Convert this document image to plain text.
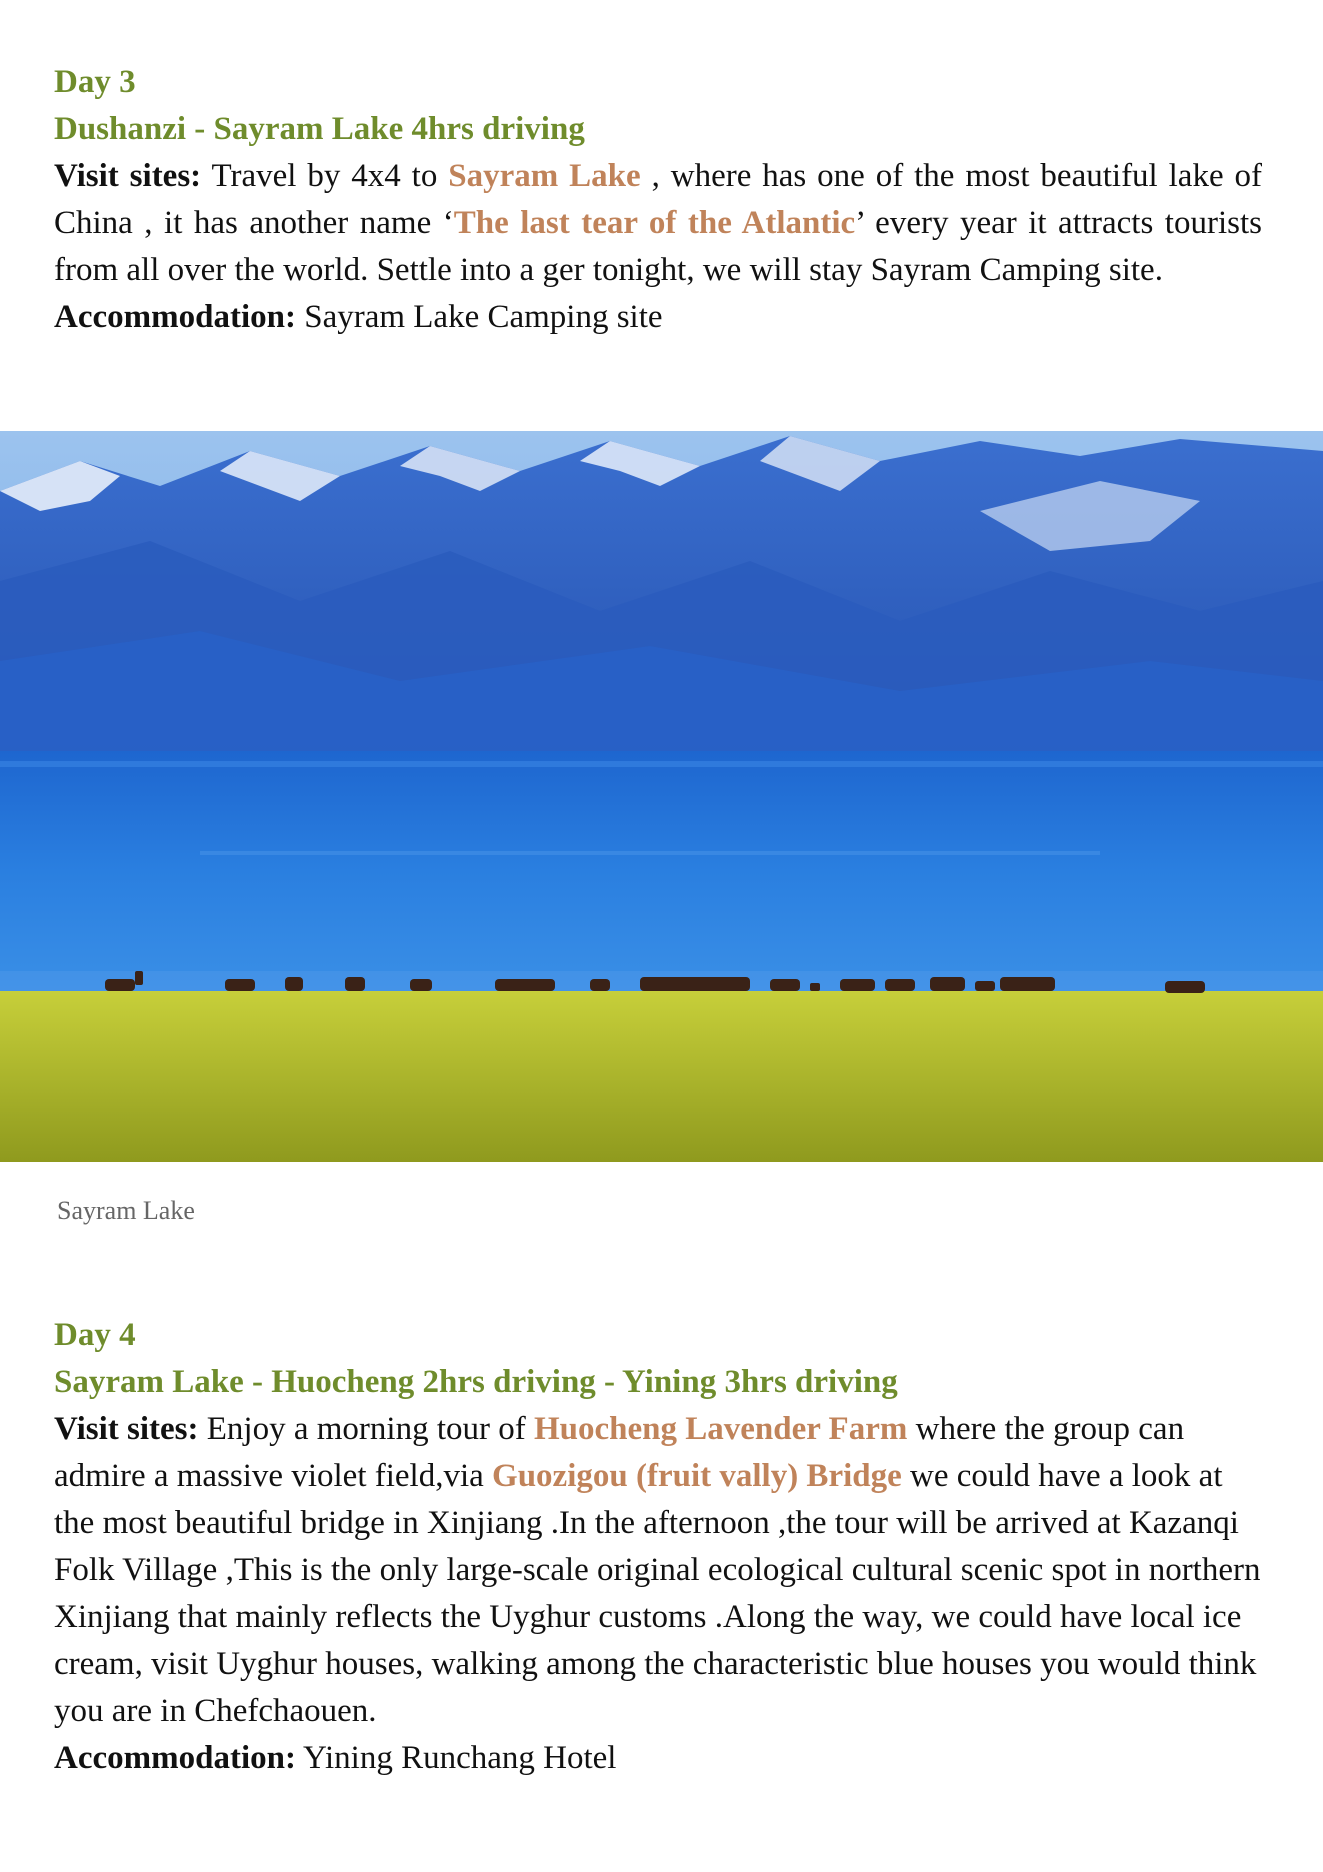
Day 3

Dushanzi - Sayram Lake 4hrs driving

Visit sites: Travel by 4x4 to Sayram Lake , where has one of the most beautiful lake of China , it has another name ‘The last tear of the Atlantic’ every year it attracts tourists from all over the world. Settle into a ger tonight, we will stay Sayram Camping site.

Accommodation: Sayram Lake Camping site

Sayram Lake

Day 4

Sayram Lake - Huocheng 2hrs driving - Yining 3hrs driving

Visit sites: Enjoy a morning tour of Huocheng Lavender Farm where the group can admire a massive violet field,via Guozigou (fruit vally) Bridge we could have a look at the most beautiful bridge in Xinjiang .In the afternoon ,the tour will be arrived at Kazanqi Folk Village ,This is the only large-scale original ecological cultural scenic spot in northern Xinjiang that mainly reflects the Uyghur customs .Along the way, we could have local ice cream, visit Uyghur houses, walking among the characteristic blue houses you would think you are in Chefchaouen.

Accommodation: Yining Runchang Hotel
